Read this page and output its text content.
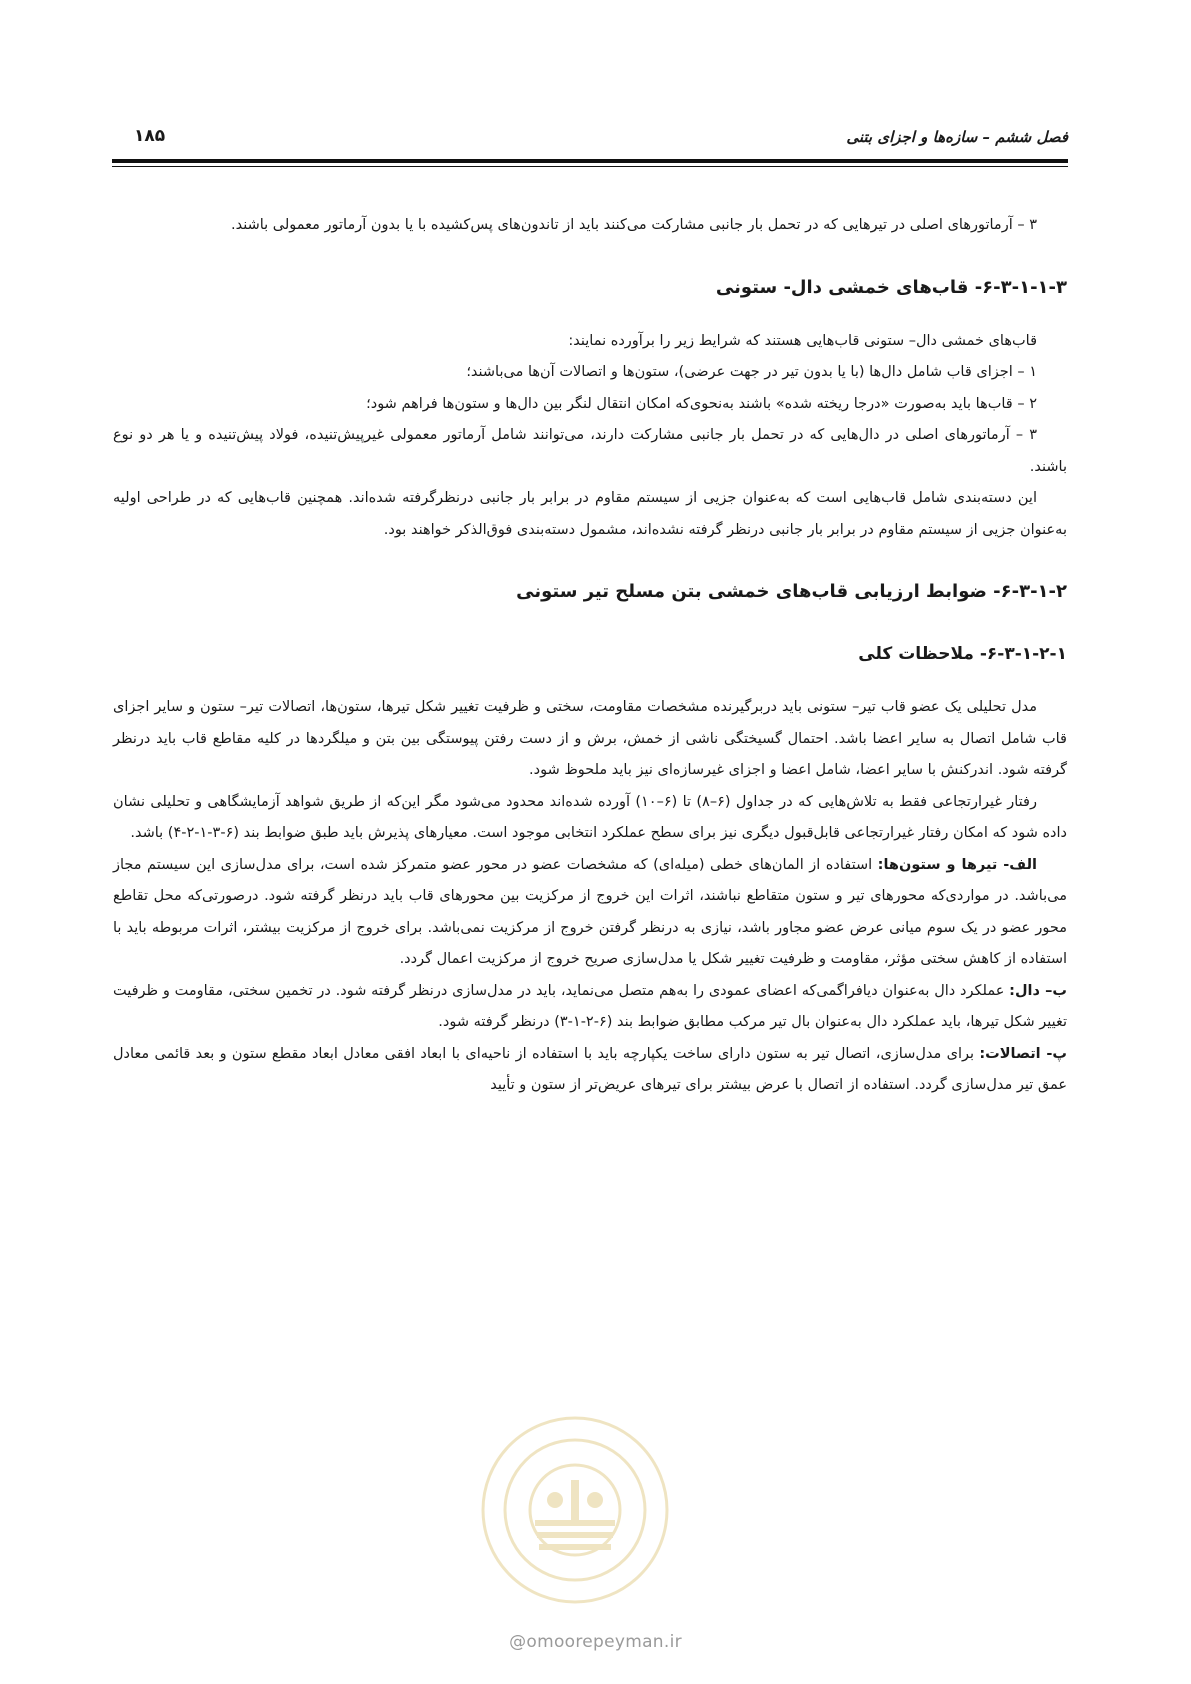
فصل ششم – سازه‌ها و اجزای بتنی
۱۸۵

۳ – آرماتورهای اصلی در تیرهایی که در تحمل بار جانبی مشارکت می‌کنند باید از تاندون‌های پس‌کشیده با یا بدون آرماتور معمولی باشند.

۶-۳-۱-۱-۳- قاب‌های خمشی دال- ستونی

قاب‌های خمشی دال– ستونی قاب‌هایی هستند که شرایط زیر را برآورده نمایند:

۱ – اجزای قاب شامل دال‌ها (با یا بدون تیر در جهت عرضی)، ستون‌ها و اتصالات آن‌ها می‌باشند؛

۲ – قاب‌ها باید به‌صورت «درجا ریخته شده» باشند به‌نحوی‌که امکان انتقال لنگر بین دال‌ها و ستون‌ها فراهم شود؛

۳ – آرماتورهای اصلی در دال‌هایی که در تحمل بار جانبی مشارکت دارند، می‌توانند شامل آرماتور معمولی غیرپیش‌تنیده، فولاد پیش‌تنیده و یا هر دو نوع باشند.

این دسته‌بندی شامل قاب‌هایی است که به‌عنوان جزیی از سیستم مقاوم در برابر بار جانبی درنظرگرفته شده‌اند. همچنین قاب‌هایی که در طراحی اولیه به‌عنوان جزیی از سیستم مقاوم در برابر بار جانبی درنظر گرفته نشده‌اند، مشمول دسته‌بندی فوق‌الذکر خواهند بود.

۶-۳-۱-۲- ضوابط ارزیابی قاب‌های خمشی بتن مسلح تیر ستونی
۶-۳-۱-۲-۱- ملاحظات کلی

مدل تحلیلی یک عضو قاب تیر– ستونی باید دربرگیرنده مشخصات مقاومت، سختی و ظرفیت تغییر شکل تیرها، ستون‌ها، اتصالات تیر– ستون و سایر اجزای قاب شامل اتصال به سایر اعضا باشد. احتمال گسیختگی ناشی از خمش، برش و از دست رفتن پیوستگی بین بتن و میلگردها در کلیه مقاطع قاب باید درنظر گرفته شود. اندرکنش با سایر اعضا، شامل اعضا و اجزای غیرسازه‌ای نیز باید ملحوظ شود.

رفتار غیرارتجاعی فقط به تلاش‌هایی که در جداول (۶–۸) تا (۶–۱۰) آورده شده‌اند محدود می‌شود مگر این‌که از طریق شواهد آزمایشگاهی و تحلیلی نشان داده شود که امکان رفتار غیرارتجاعی قابل‌قبول دیگری نیز برای سطح عملکرد انتخابی موجود است. معیارهای پذیرش باید طبق ضوابط بند (۶-۳-۱-۲-۴) باشد.

الف- تیرها و ستون‌ها: استفاده از المان‌های خطی (میله‌ای) که مشخصات عضو در محور عضو متمرکز شده است، برای مدل‌سازی این سیستم مجاز می‌باشد. در مواردی‌که محورهای تیر و ستون متقاطع نباشند، اثرات این خروج از مرکزیت بین محورهای قاب باید درنظر گرفته شود. درصورتی‌که محل تقاطع محور عضو در یک سوم میانی عرض عضو مجاور باشد، نیازی به درنظر گرفتن خروج از مرکزیت نمی‌باشد. برای خروج از مرکزیت بیشتر، اثرات مربوطه باید با استفاده از کاهش سختی مؤثر، مقاومت و ظرفیت تغییر شکل یا مدل‌سازی صریح خروج از مرکزیت اعمال گردد.

ب– دال: عملکرد دال به‌عنوان دیافراگمی‌که اعضای عمودی را به‌هم متصل می‌نماید، باید در مدل‌سازی درنظر گرفته شود. در تخمین سختی، مقاومت و ظرفیت تغییر شکل تیرها، باید عملکرد دال به‌عنوان بال تیر مرکب مطابق ضوابط بند (۶-۲-۱-۳) درنظر گرفته شود.

پ- اتصالات: برای مدل‌سازی، اتصال تیر به ستون دارای ساخت یکپارچه باید با استفاده از ناحیه‌ای با ابعاد افقی معادل ابعاد مقطع ستون و بعد قائمی معادل عمق تیر مدل‌سازی گردد. استفاده از اتصال با عرض بیشتر برای تیرهای عریض‌تر از ستون و تأیید

@omoorepeyman.ir
